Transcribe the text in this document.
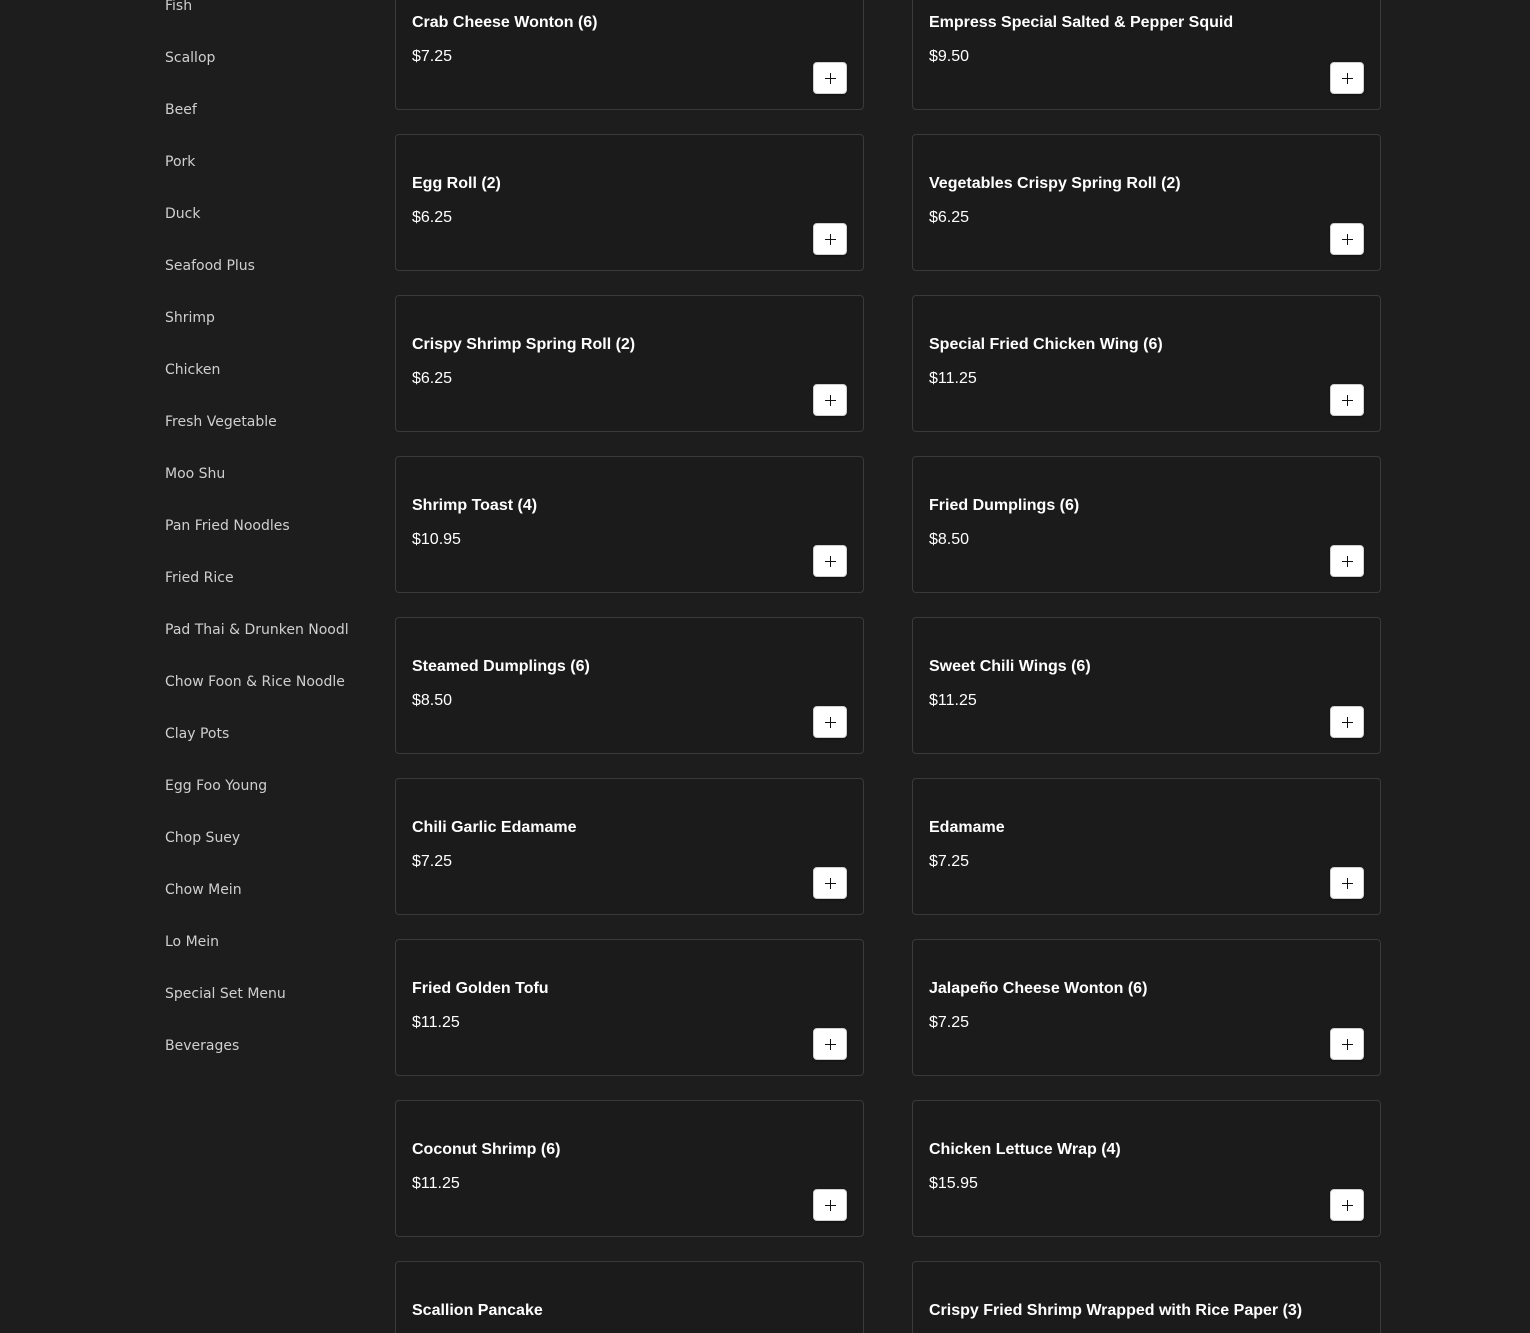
Fish
Scallop
Beef
Pork
Duck
Seafood Plus
Shrimp
Chicken
Fresh Vegetable
Moo Shu
Pan Fried Noodles
Fried Rice
Pad Thai & Drunken Noodl
Chow Foon & Rice Noodle
Clay Pots
Egg Foo Young
Chop Suey
Chow Mein
Lo Mein
Special Set Menu
Beverages
Crab Cheese Wonton (6)
$7.25
Empress Special Salted & Pepper Squid
$9.50
Egg Roll (2)
$6.25
Vegetables Crispy Spring Roll (2)
$6.25
Crispy Shrimp Spring Roll (2)
$6.25
Special Fried Chicken Wing (6)
$11.25
Shrimp Toast (4)
$10.95
Fried Dumplings (6)
$8.50
Steamed Dumplings (6)
$8.50
Sweet Chili Wings (6)
$11.25
Chili Garlic Edamame
$7.25
Edamame
$7.25
Fried Golden Tofu
$11.25
Jalapeño Cheese Wonton (6)
$7.25
Coconut Shrimp (6)
$11.25
Chicken Lettuce Wrap (4)
$15.95
Scallion Pancake	Crispy Fried Shrimp Wrapped with Rice Paper (3)
